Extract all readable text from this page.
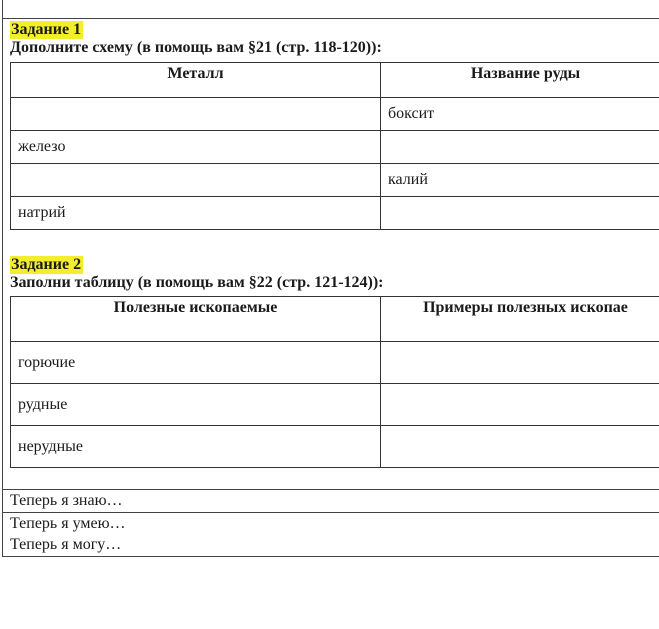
Задание 1
Дополните схему (в помощь вам §21 (стр. 118-120)):
Металл	Название руды
	боксит
железо	
	калий
натрий	
Задание 2
Заполни таблицу (в помощь вам §22 (стр. 121-124)):
Полезные ископаемые	Примеры полезных ископае
горючие	
рудные	
нерудные	
Теперь я знаю…
Теперь я умею…
Теперь я могу…
